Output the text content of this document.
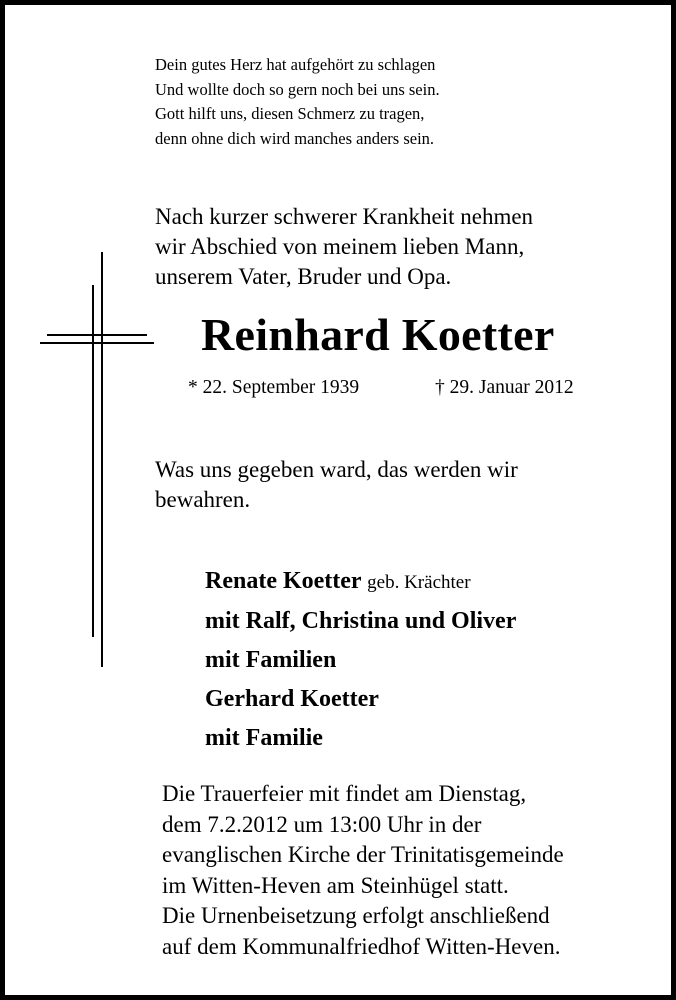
Dein gutes Herz hat aufgehört zu schlagen
Und wollte doch so gern noch bei uns sein.
Gott hilft uns, diesen Schmerz zu tragen,
denn ohne dich wird manches anders sein.
Nach kurzer schwerer Krankheit nehmen
wir Abschied von meinem lieben Mann,
unserem Vater, Bruder und Opa.
Reinhard Koetter
* 22. September 1939	† 29. Januar 2012
Was uns gegeben ward, das werden wir
bewahren.
Renate Koetter geb. Krächter
mit Ralf, Christina und Oliver
mit Familien
Gerhard Koetter
mit Familie
Die Trauerfeier mit findet am Dienstag,
dem 7.2.2012 um 13:00 Uhr in der
evanglischen Kirche der Trinitatisgemeinde
im Witten-Heven am Steinhügel statt.
Die Urnenbeisetzung erfolgt anschließend
auf dem Kommunalfriedhof Witten-Heven.
